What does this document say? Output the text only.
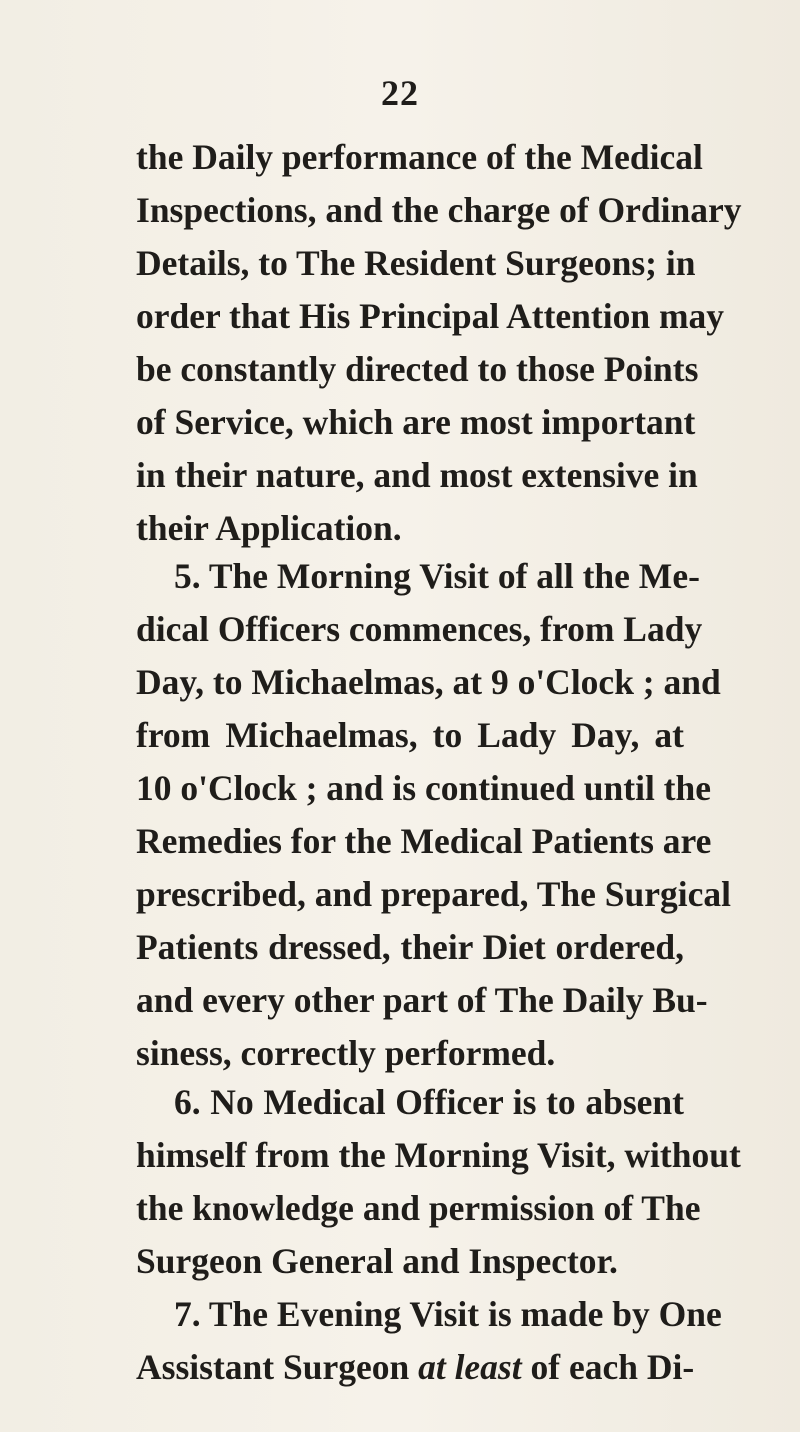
22
the Daily performance of the Medical
Inspections, and the charge of Ordinary
Details, to The Resident Surgeons; in
order that His Principal Attention may
be constantly directed to those Points
of Service, which are most important
in their nature, and most extensive in
their Application.
5. The Morning Visit of all the Me-
dical Officers commences, from Lady
Day, to Michaelmas, at 9 o'Clock ; and
from Michaelmas, to Lady Day, at
10 o'Clock ; and is continued until the
Remedies for the Medical Patients are
prescribed, and prepared, The Surgical
Patients dressed, their Diet ordered,
and every other part of The Daily Bu-
siness, correctly performed.
6. No Medical Officer is to absent
himself from the Morning Visit, without
the knowledge and permission of The
Surgeon General and Inspector.
7. The Evening Visit is made by One
Assistant Surgeon at least of each Di-
